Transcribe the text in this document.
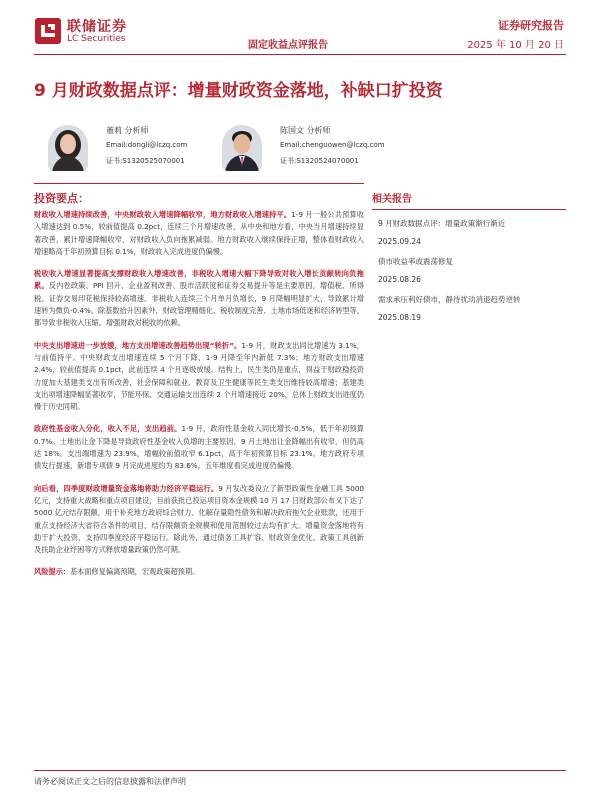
联储证券
LC Securities
固定收益点评报告
证券研究报告
2025 年 10 月 20 日
9 月财政数据点评：增量财政资金落地，补缺口扩投资
董莉 分析师
Email:dongli@lczq.com
证书:S1320525070001
陈国文 分析师
Email:chenguowen@lczq.com
证书:S1320524070001
投资要点：

财政收入增速持续改善，中央财政收入增速降幅收窄，地方财政收入增速持平。1-9 月一般公共预算收入增速达到 0.5%，较前值提高 0.2pct，连续三个月增速改善，从中央和地方看，中央当月增速持续显著改善，累计增速降幅收窄，对财政收入负向拖累减弱。地方财政收入继续保持正增，整体看财政收入增速略高于年初预算目标 0.1%，财政收入完成进度仍偏慢。

税收收入增速显著提高支撑财政收入增速改善，非税收入增速大幅下降导致对收入增长贡献转向负拖累。反内卷政策、PPI 回升、企业盈利改善、股市活跃度和证券交易提升等是主要原因，增值税、所得税、证券交易印花税保持较高增速。非税收入连续三个月单月负增长，9 月降幅明显扩大，导致累计增速转为微负-0.4%。除基数抬升因素外，财政管理精细化、税收制度完善、土地市场低迷和经济转型等，都导致非税收入压缩，增强财政对税收的依赖。

中央支出增速进一步放缓，地方支出增速改善趋势出现“转折”。1-9 月，财政支出同比增速为 3.1%，与前值持平。中央财政支出增速连续 5 个月下降，1-9 月降至年内新低 7.3%；地方财政支出增速 2.4%，较前值提高 0.1pct，此前连续 4 个月逐级放缓。结构上，民生类仍是重点，得益于财政稳投资力度加大基建类支出有所改善，社会保障和就业、教育及卫生健康等民生类支出维持较高增速；基建类支出项增速降幅显著收窄，节能环保、交通运输支出连续 2 个月增速接近 20%，总体上财政支出进度仍慢于历史同期。

政府性基金收入分化，收入不足，支出趋前。1-9 月，政府性基金收入同比增长-0.5%，低于年初预算 0.7%。土地出让金下降是导致政府性基金收入负增的主要原因，9 月土地出让金降幅出有收窄，但仍高达 18%。支出端增速为 23.9%，增幅较前值收窄 6.1pct，高于年初预算目标 23.1%。地方政府专项债发行提速，新增专项债 9 月完成进度约为 83.6%，五年维度看完成进度仍偏慢。

向后看，四季度财政增量资金落地将助力经济平稳运行。9 月发改委设立了新型政策性金融工具 5000 亿元，支持重大战略和重点项目建设，目前获批已投运项目资本金规模 10 月 17 日财政部公布又下达了 5000 亿元结存限额，用于补充地方政府综合财力、化解存量隐性债务和解决政府拖欠企业账款，还用于重点支持经济大省符合条件的项目，结存限额资金规模和使用范围较过去均有扩大。增量资金落地将有助于扩大投资，支持四季度经济平稳运行。除此外，通过债务工具扩容、财政资金优化、政策工具创新及扶助企业纾困等方式释放增量政策仍然可期。

风险提示：基本面修复偏离预期，宏观政策超预期。

相关报告
9 月财政数据点评：增量政策渐行渐近
2025.09.24
债市收益率或震荡修复
2025.08.26
需求承压利好债市，静待扰动消退趋势逆转
2025.08.19
请务必阅读正文之后的信息披露和法律声明
